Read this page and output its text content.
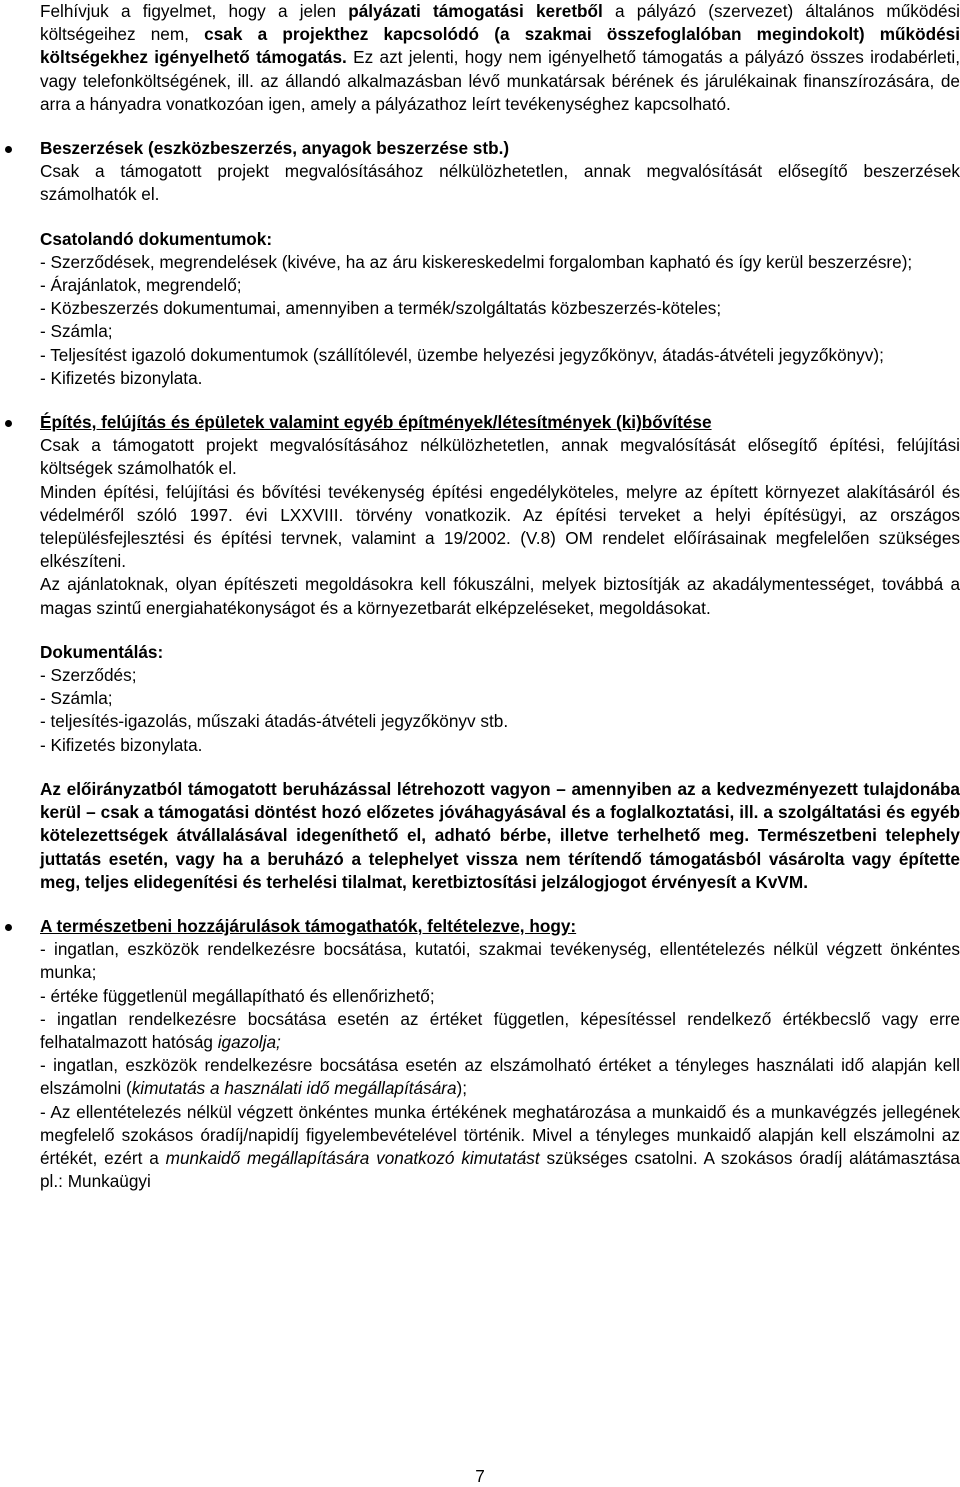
Felhívjuk a figyelmet, hogy a jelen pályázati támogatási keretből a pályázó (szervezet) általános működési költségeihez nem, csak a projekthez kapcsolódó (a szakmai összefoglalóban megindokolt) működési költségekhez igényelhető támogatás. Ez azt jelenti, hogy nem igényelhető támogatás a pályázó összes irodabérleti, vagy telefonköltségének, ill. az állandó alkalmazásban lévő munkatársak bérének és járulékainak finanszírozására, de arra a hányadra vonatkozóan igen, amely a pályázathoz leírt tevékenységhez kapcsolható.

Beszerzések (eszközbeszerzés, anyagok beszerzése stb.)

Csak a támogatott projekt megvalósításához nélkülözhetetlen, annak megvalósítását elősegítő beszerzések számolhatók el.

Csatolandó dokumentumok:

- Szerződések, megrendelések (kivéve, ha az áru kiskereskedelmi forgalomban kapható és így kerül beszerzésre);

- Árajánlatok, megrendelő;

- Közbeszerzés dokumentumai, amennyiben a termék/szolgáltatás közbeszerzés-köteles;

- Számla;

- Teljesítést igazoló dokumentumok (szállítólevél, üzembe helyezési jegyzőkönyv, átadás-átvételi jegyzőkönyv);

- Kifizetés bizonylata.

Építés, felújítás és épületek valamint egyéb építmények/létesítmények (ki)bővítése

Csak a támogatott projekt megvalósításához nélkülözhetetlen, annak megvalósítását elősegítő építési, felújítási költségek számolhatók el.

Minden építési, felújítási és bővítési tevékenység építési engedélyköteles, melyre az épített környezet alakításáról és védelméről szóló 1997. évi LXXVIII. törvény vonatkozik. Az építési terveket a helyi építésügyi, az országos településfejlesztési és építési tervnek, valamint a 19/2002. (V.8) OM rendelet előírásainak megfelelően szükséges elkészíteni.

Az ajánlatoknak, olyan építészeti megoldásokra kell fókuszálni, melyek biztosítják az akadálymentességet, továbbá a magas szintű energiahatékonyságot és a környezetbarát elképzeléseket, megoldásokat.

Dokumentálás:

- Szerződés;

- Számla;

- teljesítés-igazolás, műszaki átadás-átvételi jegyzőkönyv stb.

- Kifizetés bizonylata.

Az előirányzatból támogatott beruházással létrehozott vagyon – amennyiben az a kedvezményezett tulajdonába kerül – csak a támogatási döntést hozó előzetes jóváhagyásával és a foglalkoztatási, ill. a szolgáltatási és egyéb kötelezettségek átvállalásával idegeníthető el, adható bérbe, illetve terhelhető meg. Természetbeni telephely juttatás esetén, vagy ha a beruházó a telephelyet vissza nem térítendő támogatásból vásárolta vagy építette meg, teljes elidegenítési és terhelési tilalmat, keretbiztosítási jelzálogjogot érvényesít a KvVM.

A természetbeni hozzájárulások támogathatók, feltételezve, hogy:

- ingatlan, eszközök rendelkezésre bocsátása, kutatói, szakmai tevékenység, ellentételezés nélkül végzett önkéntes munka;

- értéke függetlenül megállapítható és ellenőrizhető;

- ingatlan rendelkezésre bocsátása esetén az értéket független, képesítéssel rendelkező értékbecslő vagy erre felhatalmazott hatóság igazolja;

- ingatlan, eszközök rendelkezésre bocsátása esetén az elszámolható értéket a tényleges használati idő alapján kell elszámolni (kimutatás a használati idő megállapítására);

- Az ellentételezés nélkül végzett önkéntes munka értékének meghatározása a munkaidő és a munkavégzés jellegének megfelelő szokásos óradíj/napidíj figyelembevételével történik. Mivel a tényleges munkaidő alapján kell elszámolni az értékét, ezért a munkaidő megállapítására vonatkozó kimutatást szükséges csatolni. A szokásos óradíj alátámasztása pl.: Munkaügyi

7
